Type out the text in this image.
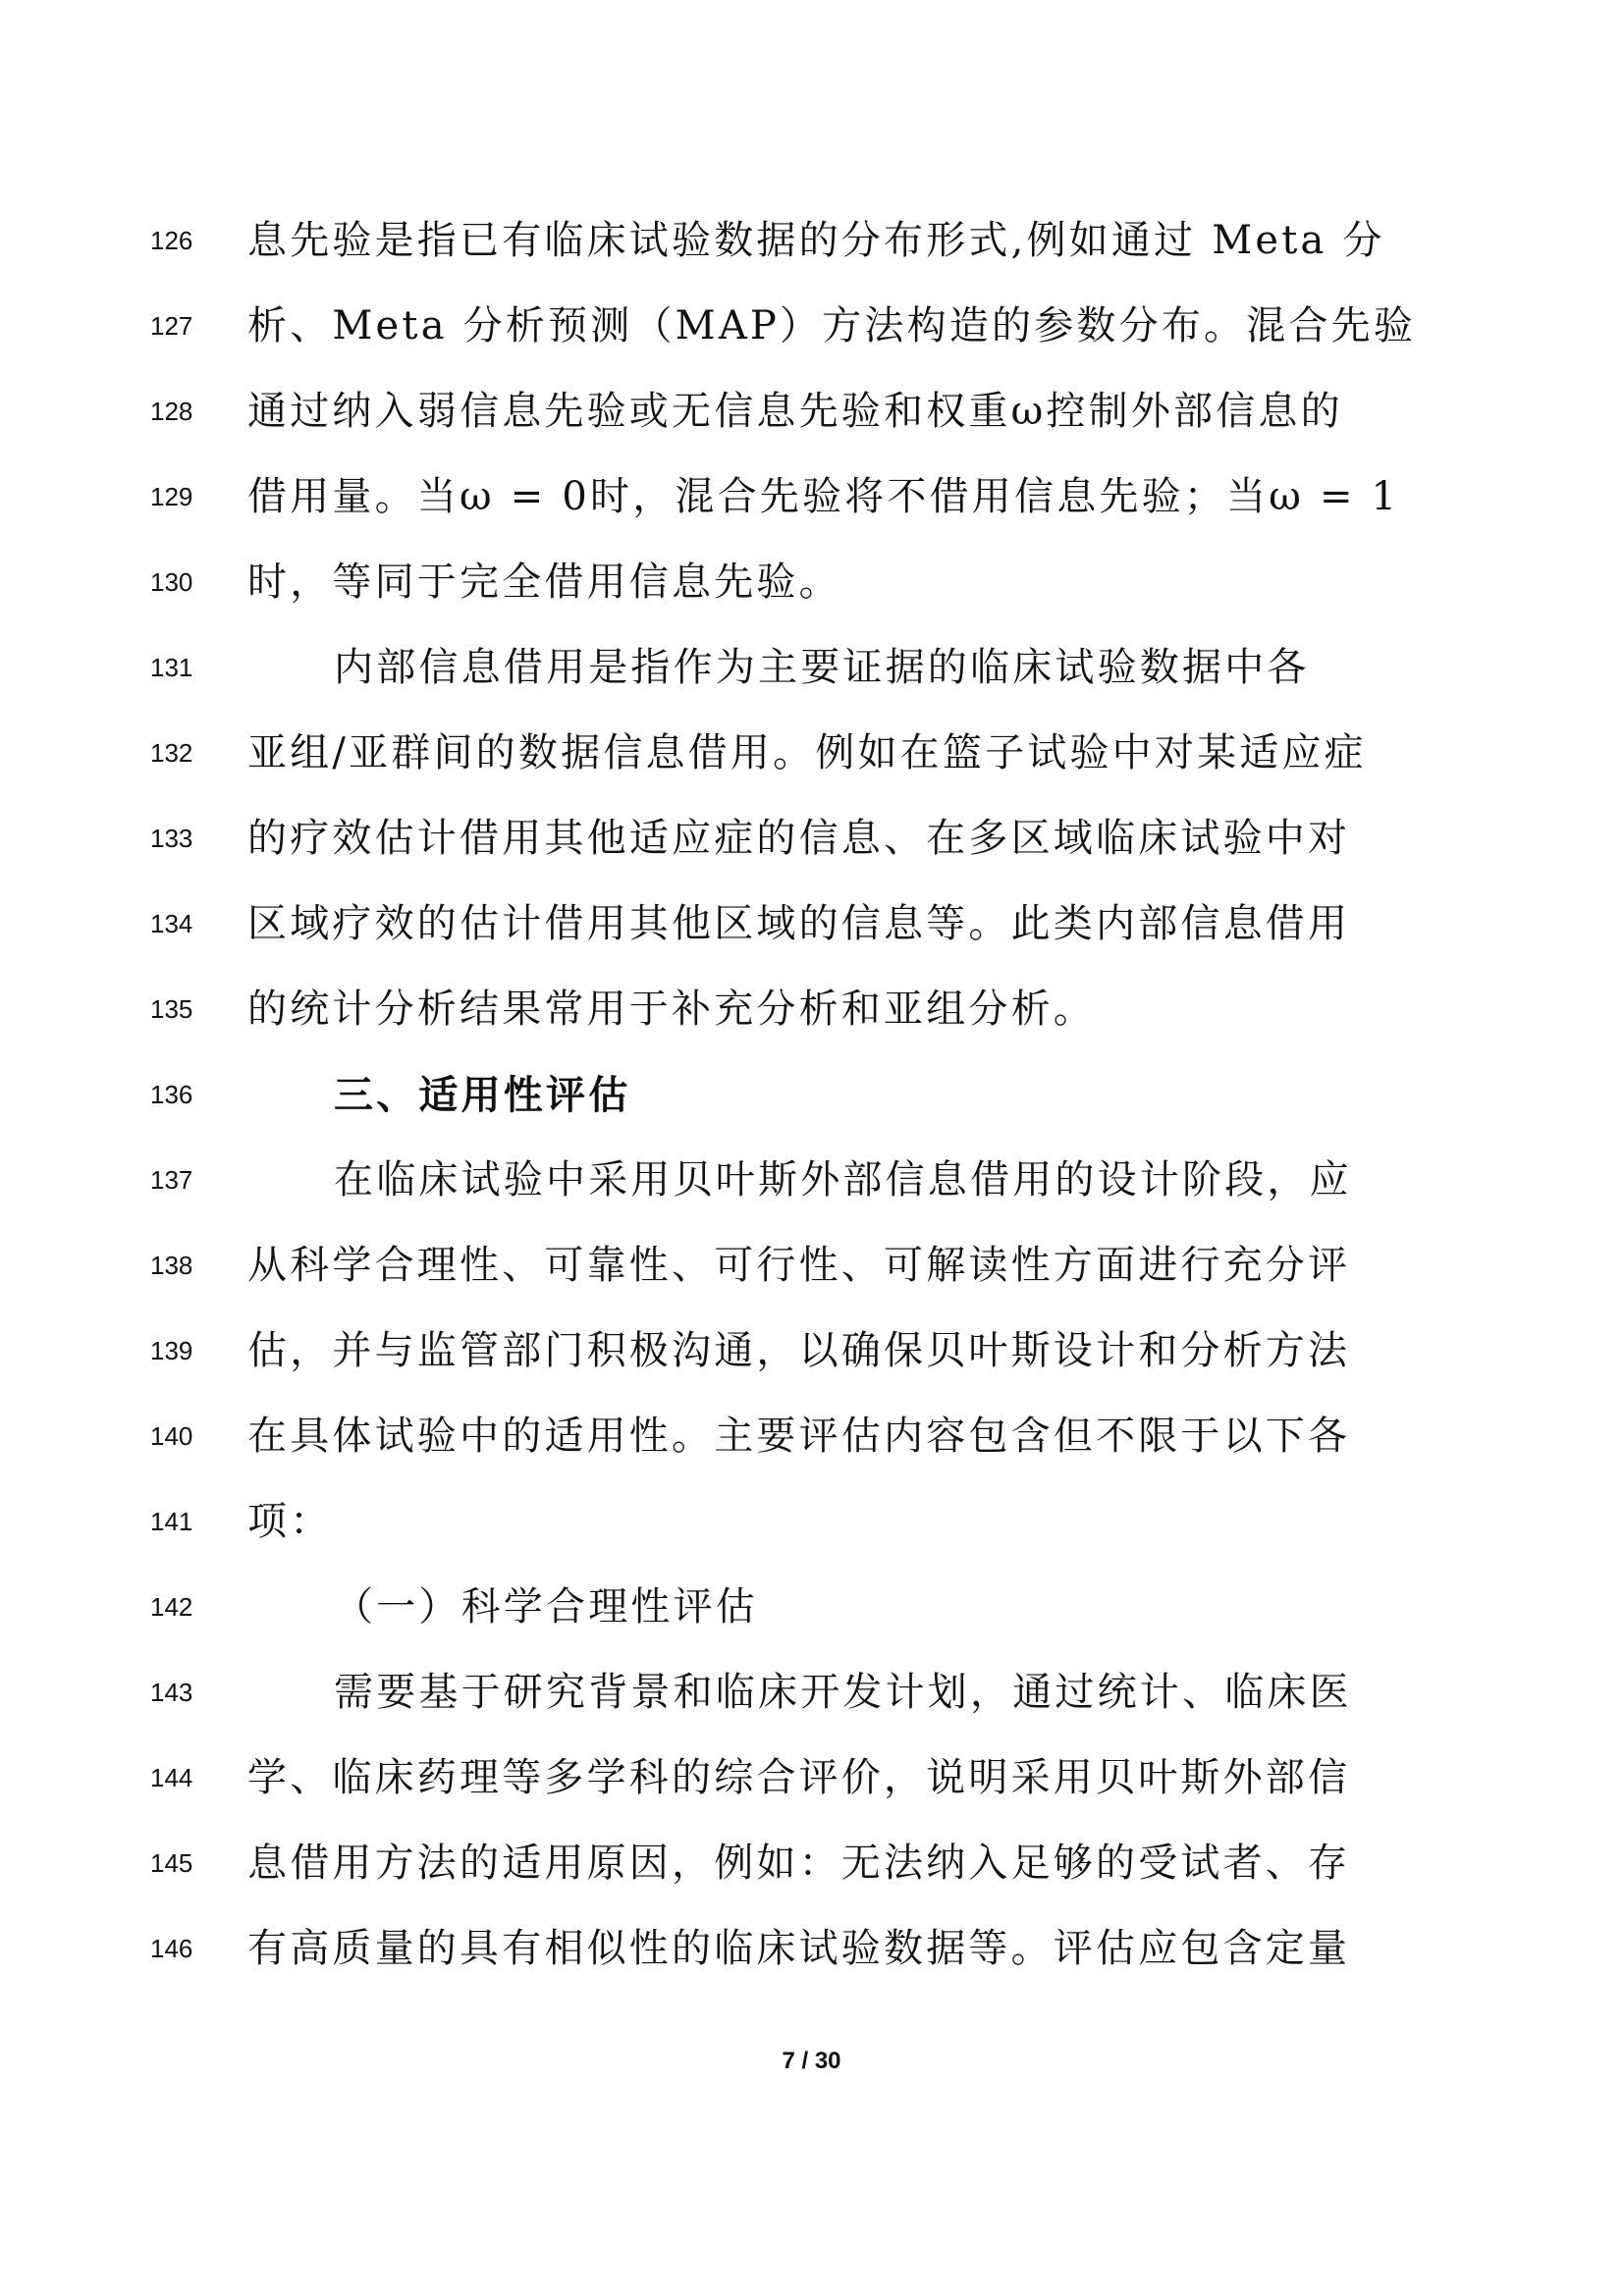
126	息先验是指已有临床试验数据的分布形式,例如通过 Meta 分
127	析、Meta 分析预测（MAP）方法构造的参数分布。混合先验
128	通过纳入弱信息先验或无信息先验和权重ω控制外部信息的
129	借用量。当ω = 0时，混合先验将不借用信息先验；当ω = 1
130	时，等同于完全借用信息先验。
131	内部信息借用是指作为主要证据的临床试验数据中各
132	亚组/亚群间的数据信息借用。例如在篮子试验中对某适应症
133	的疗效估计借用其他适应症的信息、在多区域临床试验中对
134	区域疗效的估计借用其他区域的信息等。此类内部信息借用
135	的统计分析结果常用于补充分析和亚组分析。
136	三、适用性评估
137	在临床试验中采用贝叶斯外部信息借用的设计阶段，应
138	从科学合理性、可靠性、可行性、可解读性方面进行充分评
139	估，并与监管部门积极沟通，以确保贝叶斯设计和分析方法
140	在具体试验中的适用性。主要评估内容包含但不限于以下各
141	项：
142	（一）科学合理性评估
143	需要基于研究背景和临床开发计划，通过统计、临床医
144	学、临床药理等多学科的综合评价，说明采用贝叶斯外部信
145	息借用方法的适用原因，例如：无法纳入足够的受试者、存
146	有高质量的具有相似性的临床试验数据等。评估应包含定量
7 / 30
